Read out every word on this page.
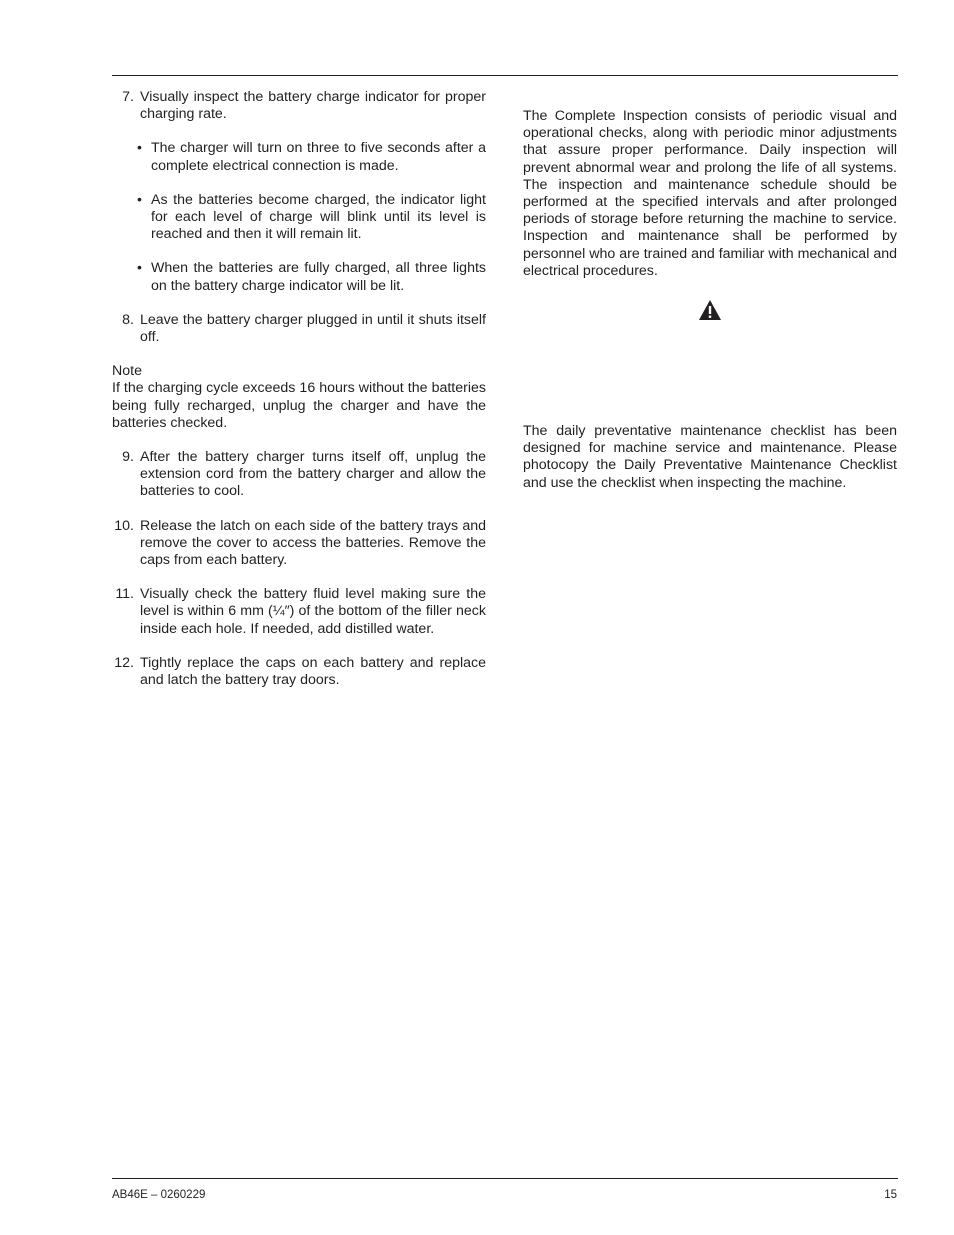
7. Visually inspect the battery charge indicator for proper charging rate.
• The charger will turn on three to five seconds after a complete electrical connection is made.
• As the batteries become charged, the indicator light for each level of charge will blink until its level is reached and then it will remain lit.
• When the batteries are fully charged, all three lights on the battery charge indicator will be lit.
8. Leave the battery charger plugged in until it shuts itself off.
Note
If the charging cycle exceeds 16 hours without the batteries being fully recharged, unplug the charger and have the batteries checked.
9. After the battery charger turns itself off, unplug the extension cord from the battery charger and allow the batteries to cool.
10. Release the latch on each side of the battery trays and remove the cover to access the batteries. Remove the caps from each battery.
11. Visually check the battery fluid level making sure the level is within 6 mm (¼″) of the bottom of the filler neck inside each hole. If needed, add distilled water.
12. Tightly replace the caps on each battery and replace and latch the battery tray doors.
The Complete Inspection consists of periodic visual and operational checks, along with periodic minor adjustments that assure proper performance. Daily inspection will prevent abnormal wear and prolong the life of all systems. The inspection and maintenance schedule should be performed at the specified intervals and after prolonged periods of storage before returning the machine to service. Inspection and maintenance shall be performed by personnel who are trained and familiar with mechanical and electrical procedures.
The daily preventative maintenance checklist has been designed for machine service and maintenance. Please photocopy the Daily Preventative Maintenance Checklist and use the checklist when inspecting the machine.
AB46E – 0260229	15
